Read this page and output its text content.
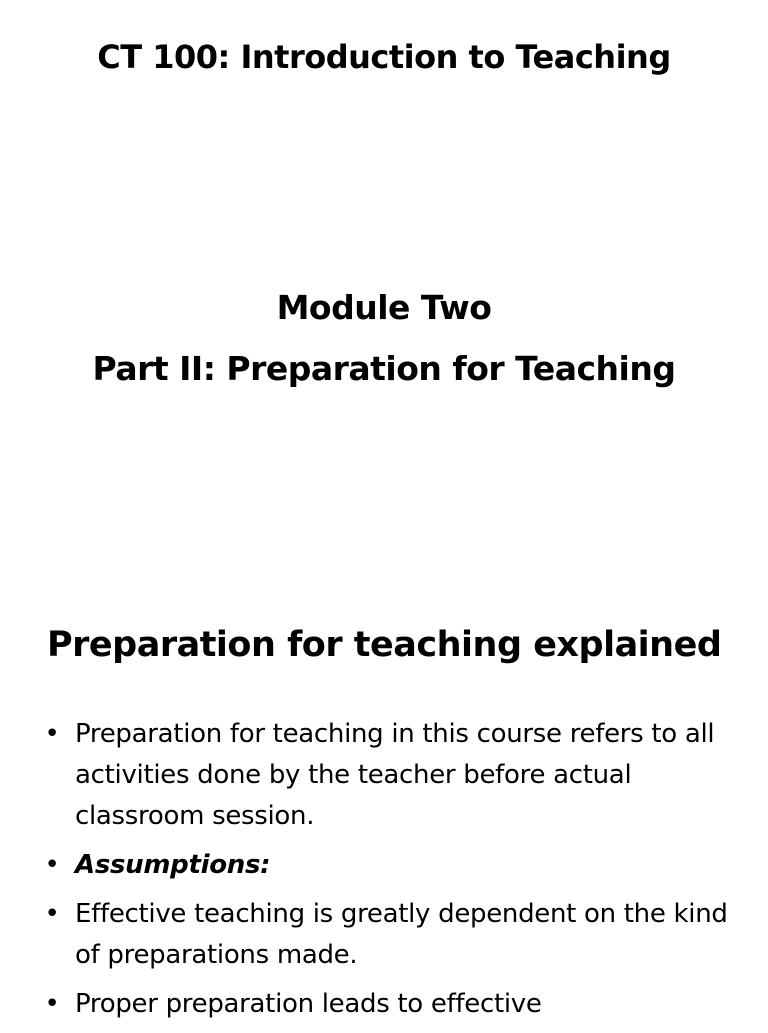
CT 100: Introduction to Teaching
Module Two
Part II: Preparation for Teaching
Preparation for teaching explained
• Preparation for teaching in this course refers to all activities done by the teacher before actual classroom session.
• Assumptions:
• Effective teaching is greatly dependent on the kind of preparations made.
• Proper preparation leads to effective
